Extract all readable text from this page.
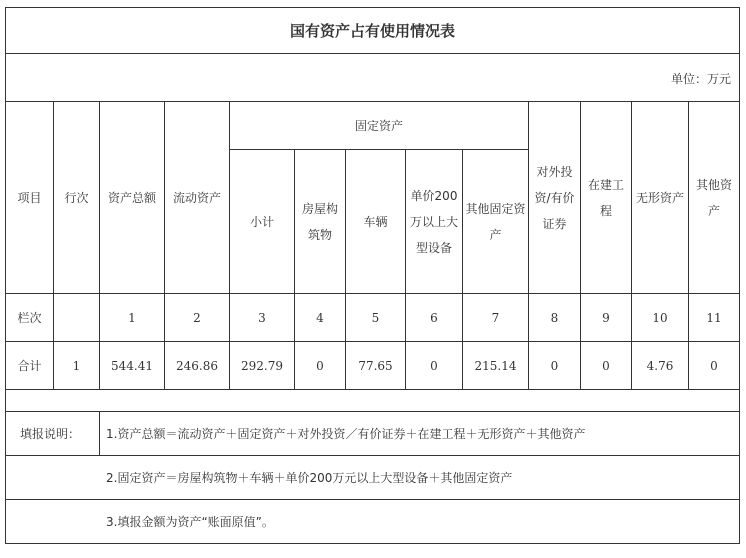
国有资产占有使用情况表												
单位：万元												
项目	行次	资产总额	流动资产	固定资产					对外投资/有价证券	在建工程	无形资产	其他资产
				小计	房屋构筑物	车辆	单价200万以上大型设备	其他固定资产				
栏次		1	2	3	4	5	6	7	8	9	10	11
合计	1	544.41	246.86	292.79	0	77.65	0	215.14	0	0	4.76	0

填报说明：		1.资产总额＝流动资产＋固定资产＋对外投资／有价证券＋在建工程＋无形资产＋其他资产										
2.固定资产＝房屋构筑物＋车辆＋单价200万元以上大型设备＋其他固定资产												
3.填报金额为资产“账面原值”。												
